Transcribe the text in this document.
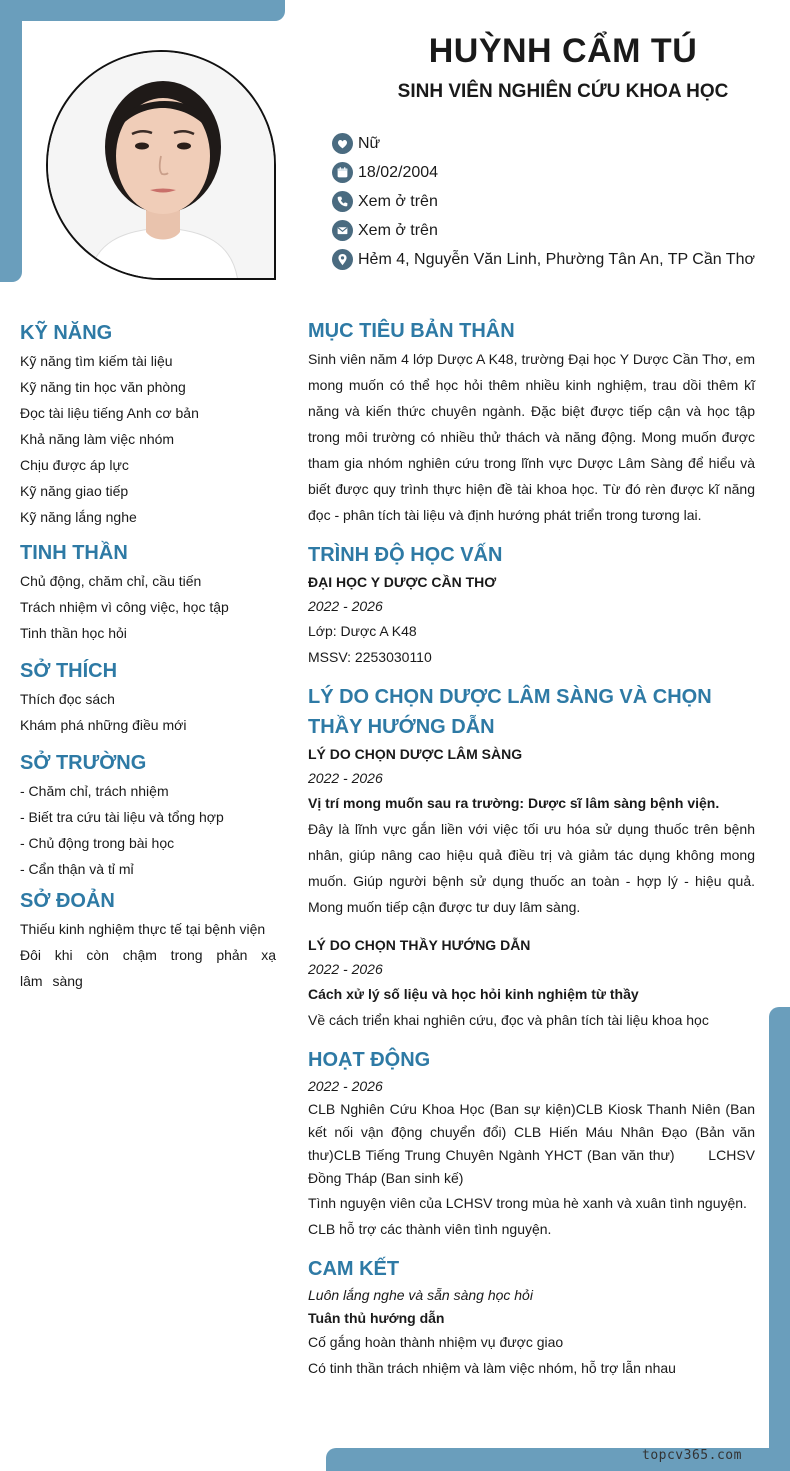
HUỲNH CẨM TÚ
SINH VIÊN NGHIÊN CỨU KHOA HỌC
Nữ
18/02/2004
Xem ở trên
Xem ở trên
Hẻm 4, Nguyễn Văn Linh, Phường Tân An, TP Cần Thơ
KỸ NĂNG
Kỹ năng tìm kiếm tài liệu
Kỹ năng tin học văn phòng
Đọc tài liệu tiếng Anh cơ bản
Khả năng làm việc nhóm
Chịu được áp lực
Kỹ năng giao tiếp
Kỹ năng lắng nghe
TINH THẦN
Chủ động, chăm chỉ, cầu tiến
Trách nhiệm vì công việc, học tập
Tinh thần học hỏi
SỞ THÍCH
Thích đọc sách
Khám phá những điều mới
SỞ TRƯỜNG
- Chăm chỉ, trách nhiệm
- Biết tra cứu tài liệu và tổng hợp
- Chủ động trong bài học
- Cẩn thận và tỉ mỉ
SỞ ĐOẢN
Thiếu kinh nghiệm thực tế tại bệnh viện
Đôi khi còn chậm trong phản xạ lâm sàng
MỤC TIÊU BẢN THÂN
Sinh viên năm 4 lớp Dược A K48, trường Đại học Y Dược Cần Thơ, em mong muốn có thể học hỏi thêm nhiều kinh nghiệm, trau dồi thêm kĩ năng và kiến thức chuyên ngành. Đặc biệt được tiếp cận và học tập trong môi trường có nhiều thử thách và năng động. Mong muốn được tham gia nhóm nghiên cứu trong lĩnh vực Dược Lâm Sàng để hiểu và biết được quy trình thực hiện đề tài khoa học. Từ đó rèn được kĩ năng đọc - phân tích tài liệu và định hướng phát triển trong tương lai.
TRÌNH ĐỘ HỌC VẤN
ĐẠI HỌC Y DƯỢC CẦN THƠ
2022 - 2026
Lớp: Dược A K48
MSSV: 2253030110
LÝ DO CHỌN DƯỢC LÂM SÀNG VÀ CHỌN THẦY HƯỚNG DẪN
LÝ DO CHỌN DƯỢC LÂM SÀNG
2022 - 2026
Vị trí mong muốn sau ra trường: Dược sĩ lâm sàng bệnh viện.
Đây là lĩnh vực gắn liền với việc tối ưu hóa sử dụng thuốc trên bệnh nhân, giúp nâng cao hiệu quả điều trị và giảm tác dụng không mong muốn. Giúp người bệnh sử dụng thuốc an toàn - hợp lý - hiệu quả. Mong muốn tiếp cận được tư duy lâm sàng.
LÝ DO CHỌN THẦY HƯỚNG DẪN
2022 - 2026
Cách xử lý số liệu và học hỏi kinh nghiệm từ thầy
Về cách triển khai nghiên cứu, đọc và phân tích tài liệu khoa học
HOẠT ĐỘNG
2022 - 2026
CLB Nghiên Cứu Khoa Học (Ban sự kiện)CLB Kiosk Thanh Niên (Ban kết nối vận động chuyển đổi) CLB Hiến Máu Nhân Đạo (Bản văn thư)CLB Tiếng Trung Chuyên Ngành YHCT (Ban văn thư)       LCHSV Đồng Tháp (Ban sinh kế)
Tình nguyện viên của LCHSV trong mùa hè xanh và xuân tình nguyện.
CLB hỗ trợ các thành viên tình nguyện.
CAM KẾT
Luôn lắng nghe và sẵn sàng học hỏi
Tuân thủ hướng dẫn
Cố gắng hoàn thành nhiệm vụ được giao
Có tinh thần trách nhiệm và làm việc nhóm, hỗ trợ lẫn nhau
topcv365.com
